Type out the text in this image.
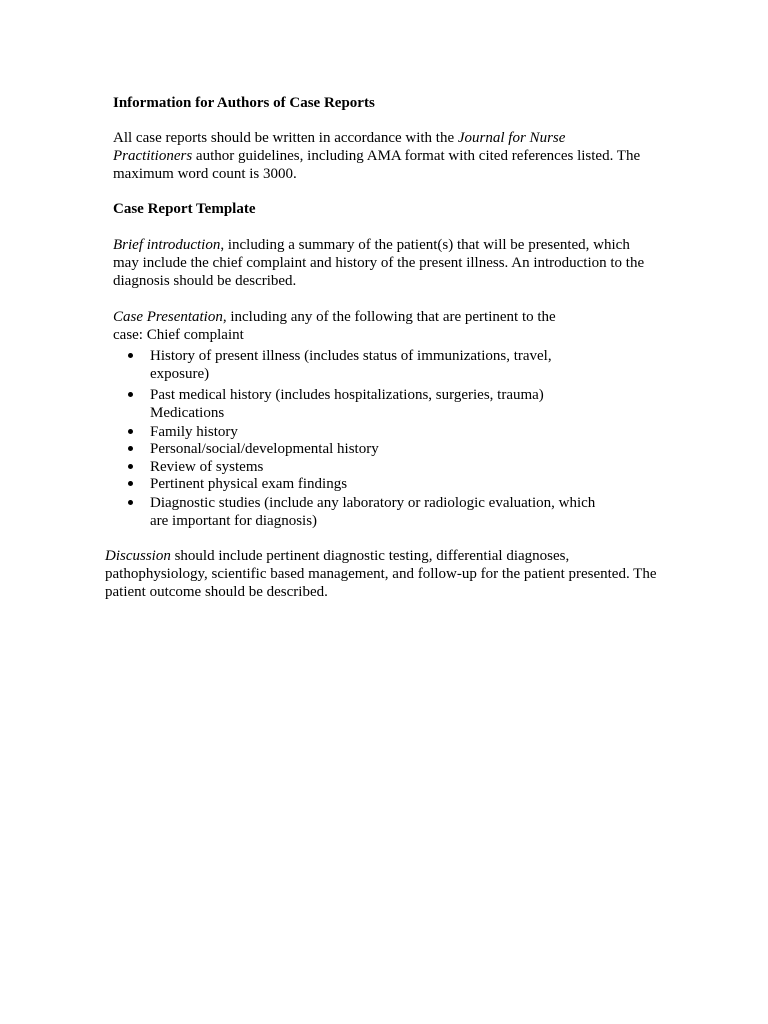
Information for Authors of Case Reports
All case reports should be written in accordance with the Journal for Nurse
Practitioners author guidelines, including AMA format with cited references listed. The
maximum word count is 3000.
Case Report Template
Brief introduction, including a summary of the patient(s) that will be presented, which
may include the chief complaint and history of the present illness. An introduction to the
diagnosis should be described.
Case Presentation, including any of the following that are pertinent to the
case: Chief complaint
History of present illness (includes status of immunizations, travel,
exposure)
Past medical history (includes hospitalizations, surgeries, trauma)
Medications
Family history
Personal/social/developmental history
Review of systems
Pertinent physical exam findings
Diagnostic studies (include any laboratory or radiologic evaluation, which
are important for diagnosis)
Discussion should include pertinent diagnostic testing, differential diagnoses,
pathophysiology, scientific based management, and follow-up for the patient presented. The
patient outcome should be described.
